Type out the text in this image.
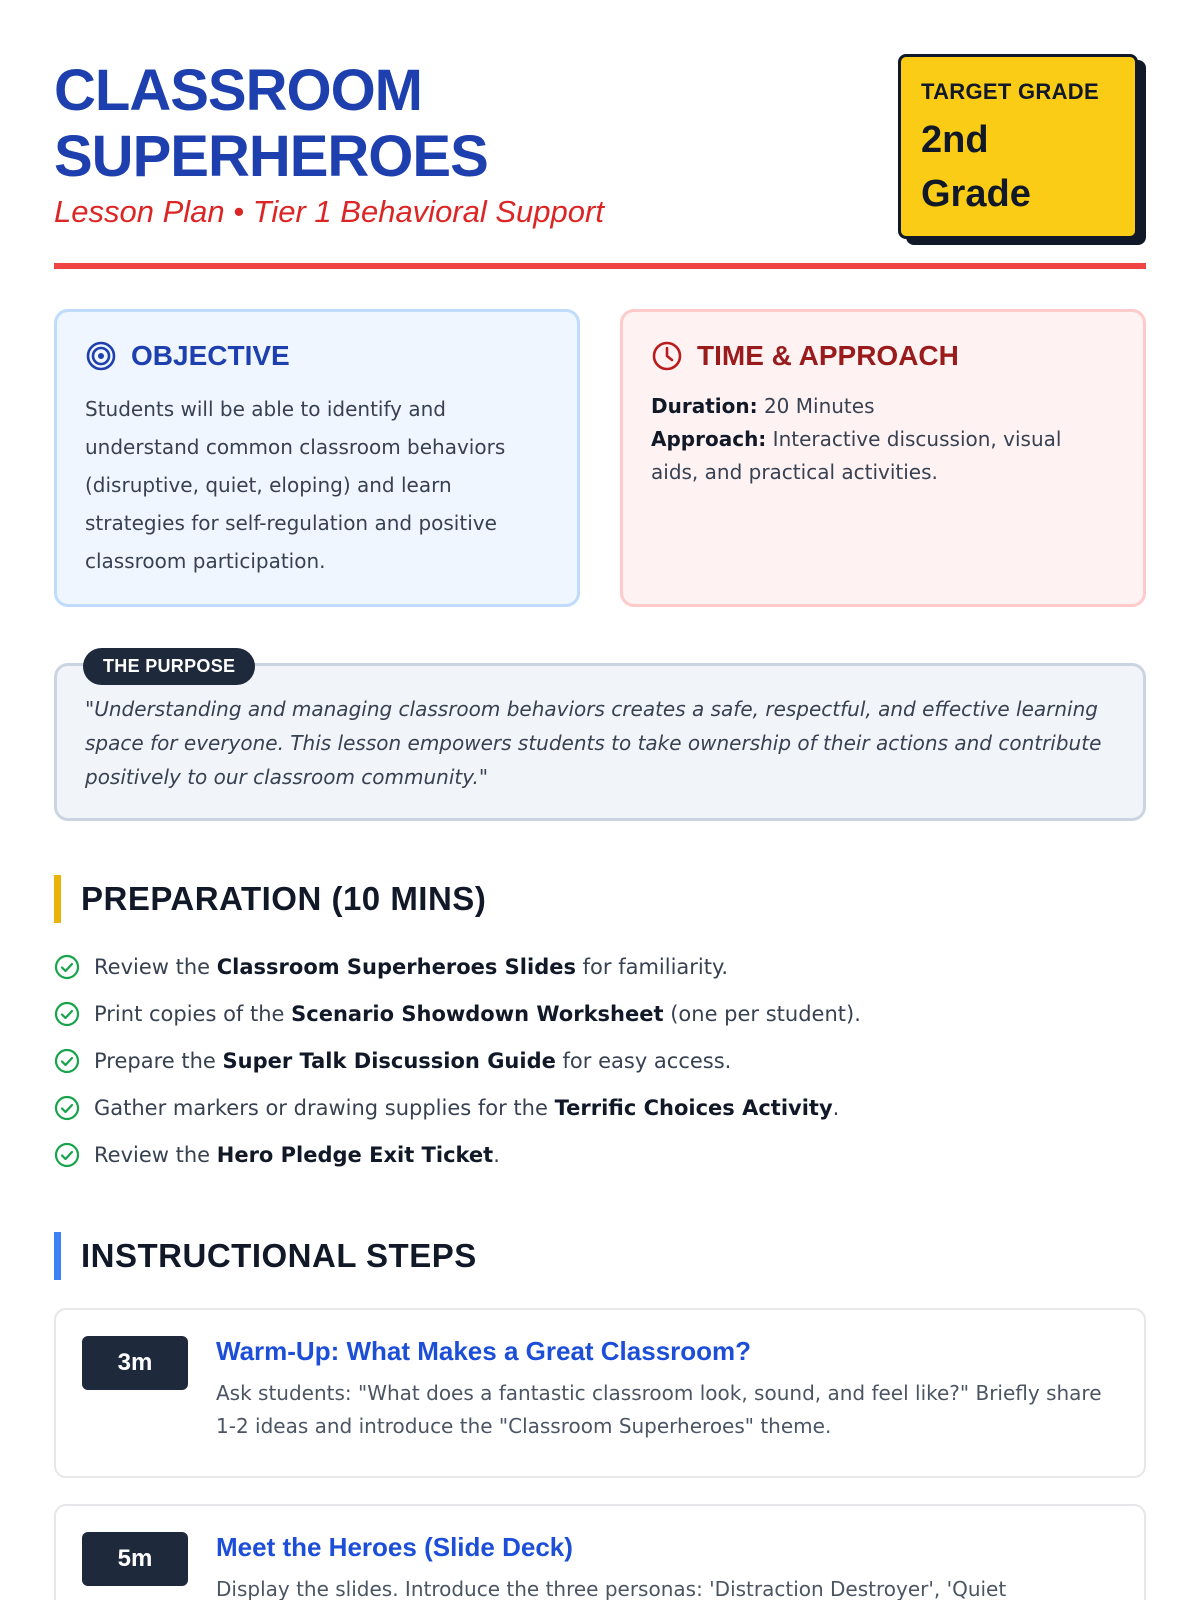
CLASSROOM
SUPERHEROES
Lesson Plan • Tier 1 Behavioral Support
TARGET GRADE
2nd
Grade
OBJECTIVE

Students will be able to identify and understand common classroom behaviors (disruptive, quiet, eloping) and learn strategies for self-regulation and positive classroom participation.

TIME & APPROACH

Duration: 20 Minutes

Approach: Interactive discussion, visual aids, and practical activities.

THE PURPOSE

"Understanding and managing classroom behaviors creates a safe, respectful, and effective learning space for everyone. This lesson empowers students to take ownership of their actions and contribute positively to our classroom community."

PREPARATION (10 MINS)
Review the Classroom Superheroes Slides for familiarity.
Print copies of the Scenario Showdown Worksheet (one per student).
Prepare the Super Talk Discussion Guide for easy access.
Gather markers or drawing supplies for the Terrific Choices Activity.
Review the Hero Pledge Exit Ticket.
INSTRUCTIONAL STEPS
3m	Warm-Up: What Makes a Great Classroom?

Ask students: "What does a fantastic classroom look, sound, and feel like?" Briefly share 1-2 ideas and introduce the "Classroom Superheroes" theme.

5m	Meet the Heroes (Slide Deck)

Display the slides. Introduce the three personas: 'Distraction Destroyer', 'Quiet
